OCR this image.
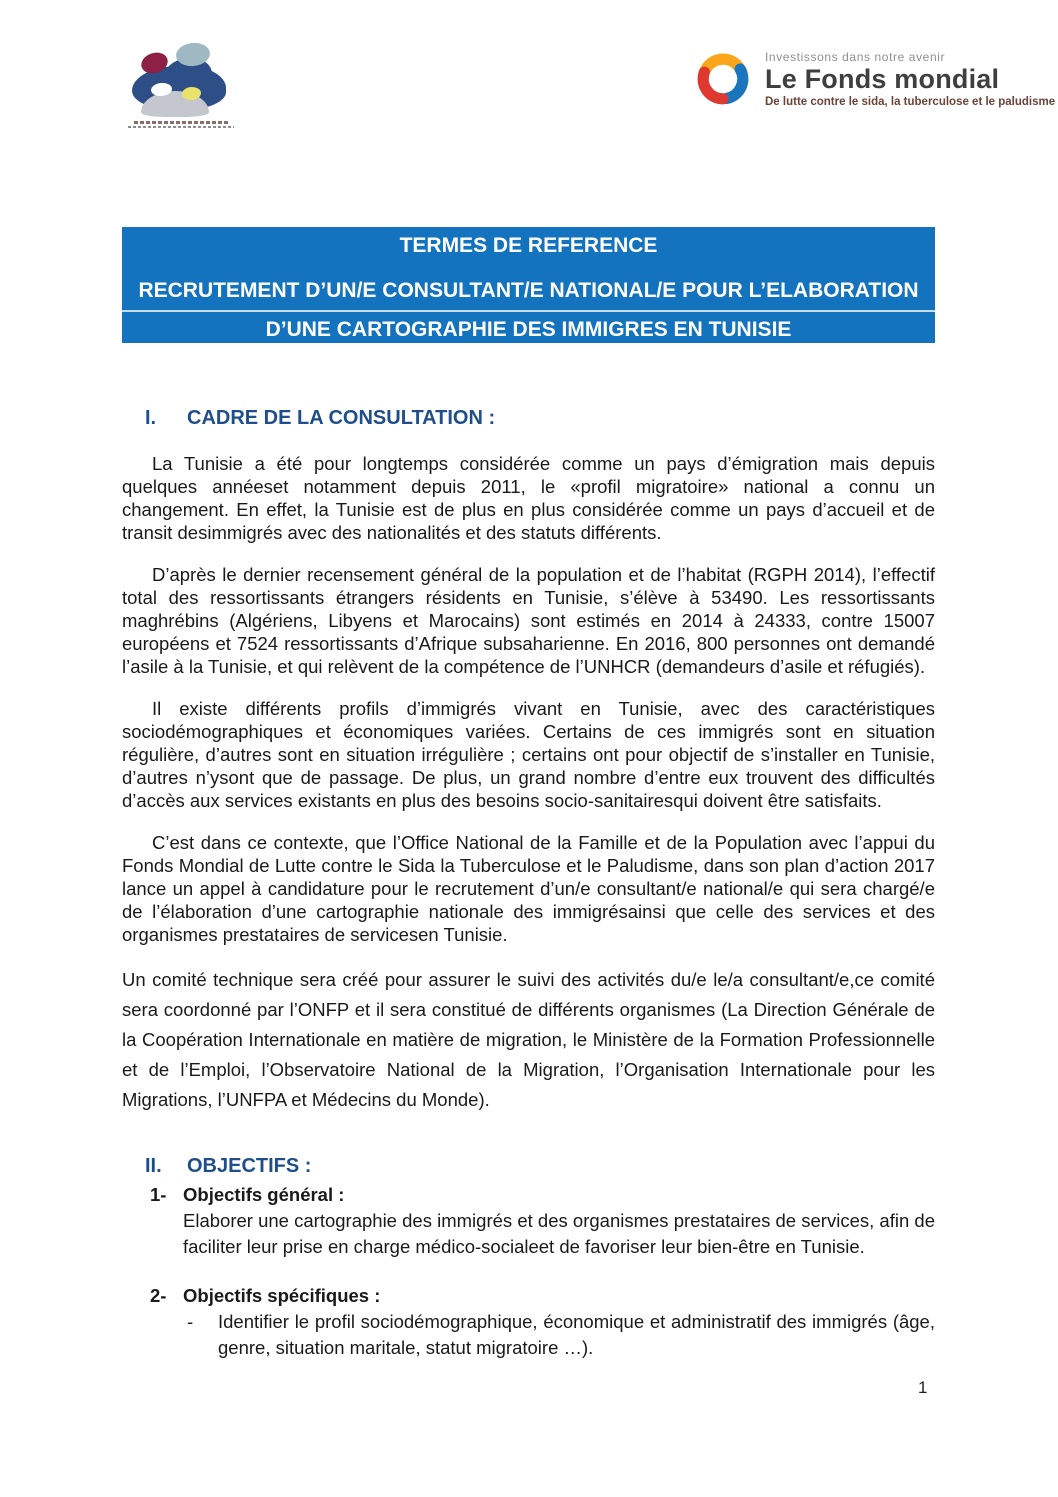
Investissons dans notre avenir
Le Fonds mondial
De lutte contre le sida, la tuberculose et le paludisme
TERMES DE REFERENCE
RECRUTEMENT D’UN/E CONSULTANT/E NATIONAL/E POUR L’ELABORATION
D’UNE CARTOGRAPHIE DES IMMIGRES EN TUNISIE
I.	CADRE DE LA CONSULTATION :

La Tunisie a été pour longtemps considérée comme un pays d’émigration mais depuis quelques annéeset notamment depuis 2011, le «profil migratoire» national a connu un changement. En effet, la Tunisie est de plus en plus considérée comme un pays d’accueil et de transit desimmigrés avec des nationalités et des statuts différents.

D’après le dernier recensement général de la population et de l’habitat (RGPH 2014), l’effectif total des ressortissants étrangers résidents en Tunisie, s’élève à 53490. Les ressortissants maghrébins (Algériens, Libyens et Marocains) sont estimés en 2014 à 24333, contre 15007 européens et 7524 ressortissants d’Afrique subsaharienne. En 2016, 800 personnes ont demandé l’asile à la Tunisie, et qui relèvent de la compétence de l’UNHCR (demandeurs d’asile et réfugiés).

Il existe différents profils d’immigrés vivant en Tunisie, avec des caractéristiques sociodémographiques et économiques variées. Certains de ces immigrés sont en situation régulière, d’autres sont en situation irrégulière ; certains ont pour objectif de s’installer en Tunisie, d’autres n’ysont que de passage. De plus, un grand nombre d’entre eux trouvent des difficultés d’accès aux services existants en plus des besoins socio-sanitairesqui doivent être satisfaits.

C’est dans ce contexte, que l’Office National de la Famille et de la Population avec l’appui du Fonds Mondial de Lutte contre le Sida la Tuberculose et le Paludisme, dans son plan d’action 2017 lance un appel à candidature pour le recrutement d’un/e consultant/e national/e qui sera chargé/e de l’élaboration d’une cartographie nationale des immigrésainsi que celle des services et des organismes prestataires de servicesen Tunisie.

Un comité technique sera créé pour assurer le suivi des activités du/e le/a consultant/e,ce comité sera coordonné par l’ONFP et il sera constitué de différents organismes (La Direction Générale de la Coopération Internationale en matière de migration, le Ministère de la Formation Professionnelle et de l’Emploi, l’Observatoire National de la Migration, l’Organisation Internationale pour les Migrations, l’UNFPA et Médecins du Monde).

II.	OBJECTIFS :
1- Objectifs général :

Elaborer une cartographie des immigrés et des organismes prestataires de services, afin de faciliter leur prise en charge médico-socialeet de favoriser leur bien-être en Tunisie.

2- Objectifs spécifiques :
-	Identifier le profil sociodémographique, économique et administratif des immigrés (âge, genre, situation maritale, statut migratoire …).

1
